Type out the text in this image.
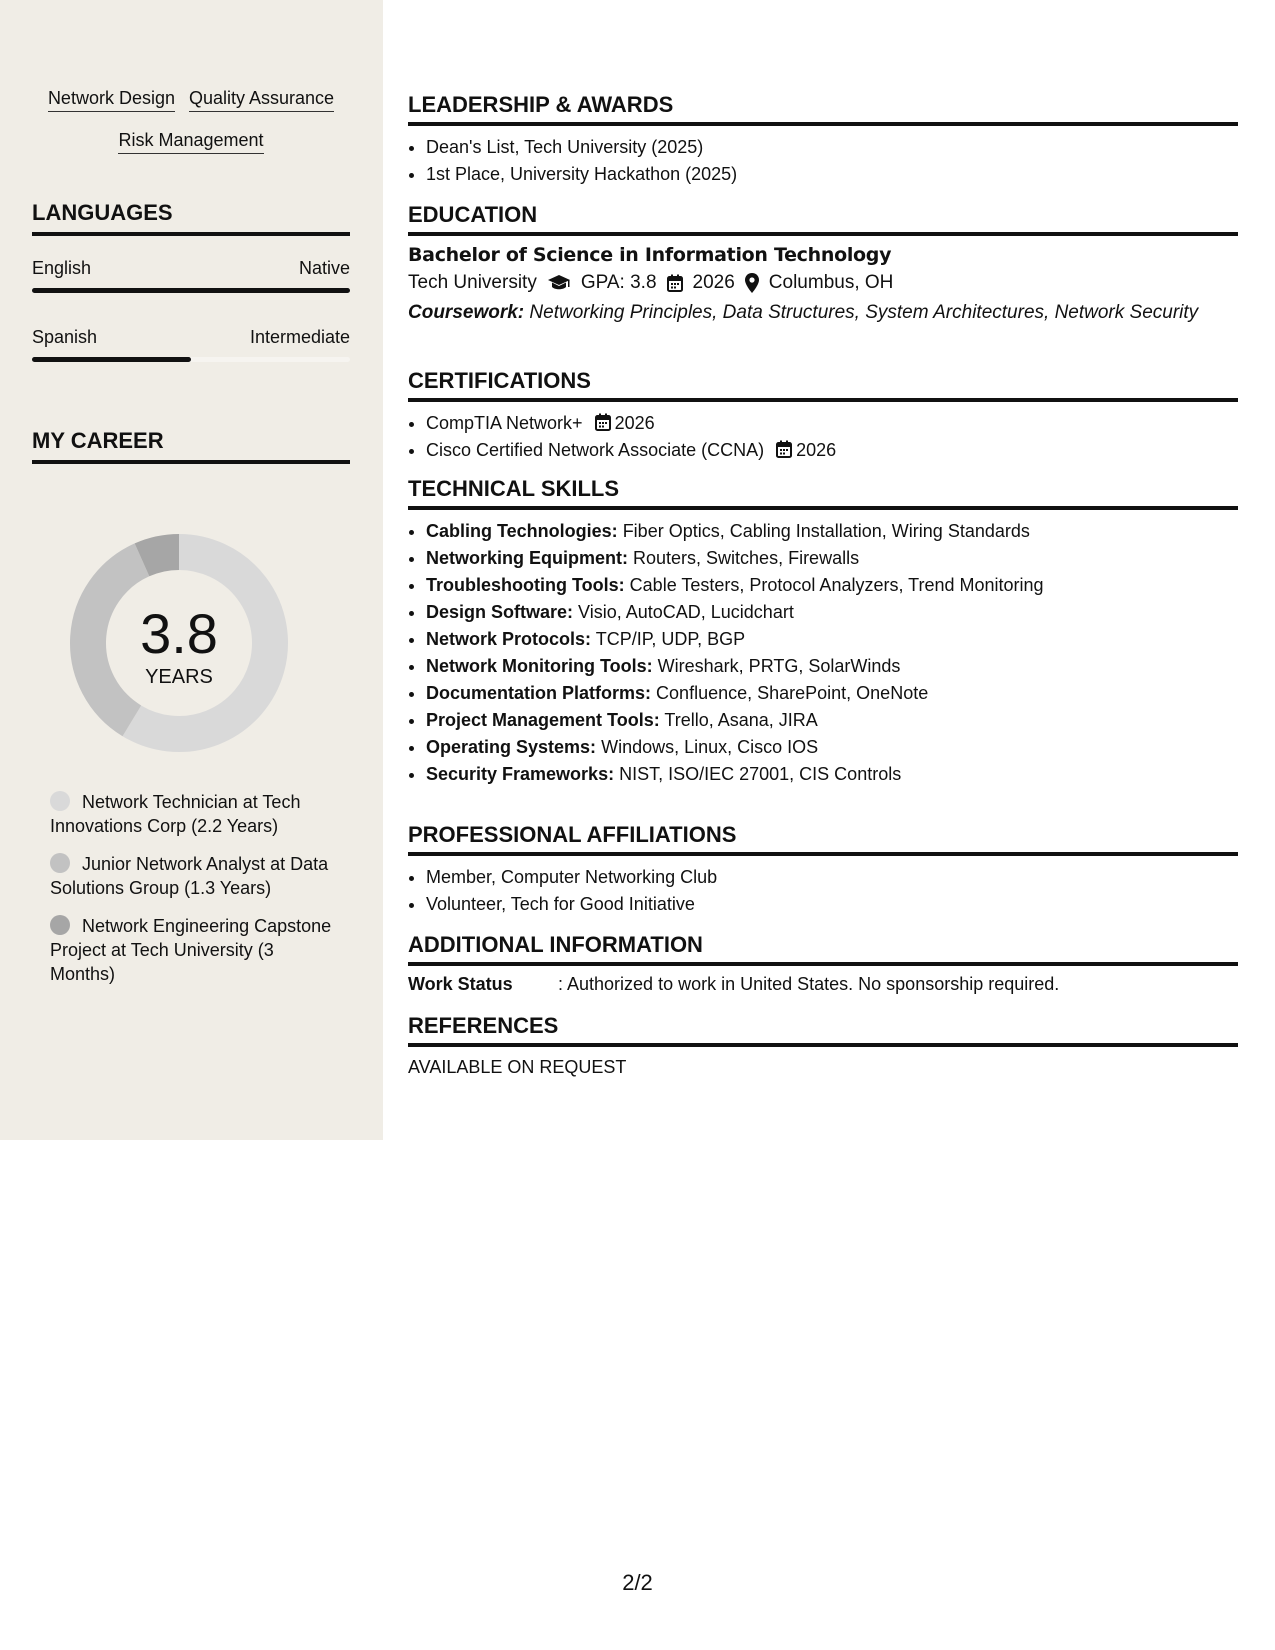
Network Design Quality Assurance
Risk Management
LANGUAGES
English	Native
Spanish	Intermediate
MY CAREER
3.8
YEARS
Network Technician at Tech Innovations Corp (2.2 Years)
Junior Network Analyst at Data Solutions Group (1.3 Years)
Network Engineering Capstone Project at Tech University (3 Months)
LEADERSHIP & AWARDS
• Dean's List, Tech University (2025)
• 1st Place, University Hackathon (2025)
EDUCATION
Bachelor of Science in Information Technology
Tech University GPA: 3.8 2026 Columbus, OH
Coursework: Networking Principles, Data Structures, System Architectures, Network Security
CERTIFICATIONS
• CompTIA Network+ 2026
• Cisco Certified Network Associate (CCNA) 2026
TECHNICAL SKILLS
• Cabling Technologies: Fiber Optics, Cabling Installation, Wiring Standards
• Networking Equipment: Routers, Switches, Firewalls
• Troubleshooting Tools: Cable Testers, Protocol Analyzers, Trend Monitoring
• Design Software: Visio, AutoCAD, Lucidchart
• Network Protocols: TCP/IP, UDP, BGP
• Network Monitoring Tools: Wireshark, PRTG, SolarWinds
• Documentation Platforms: Confluence, SharePoint, OneNote
• Project Management Tools: Trello, Asana, JIRA
• Operating Systems: Windows, Linux, Cisco IOS
• Security Frameworks: NIST, ISO/IEC 27001, CIS Controls
PROFESSIONAL AFFILIATIONS
• Member, Computer Networking Club
• Volunteer, Tech for Good Initiative
ADDITIONAL INFORMATION
Work Status	: Authorized to work in United States. No sponsorship required.
REFERENCES
AVAILABLE ON REQUEST
2/2
